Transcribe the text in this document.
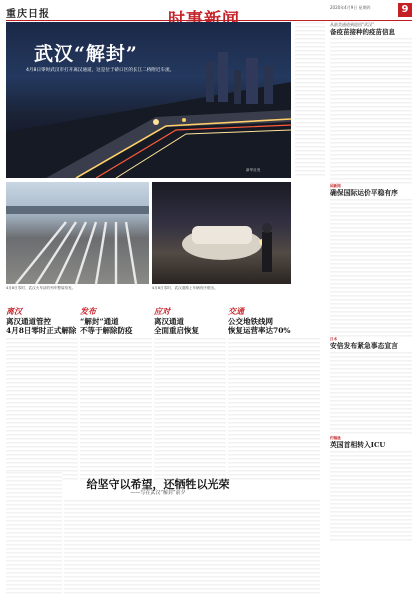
重庆日报
2020年4月9日 星期四	9
武汉“解封”
4月8日零时武汉市打开离汉通道，这是位于硚口区的长江二桥附近车流。
新华社发
从最美通道到迎回“武汉”
备疫苗接种的疫苗信息
国新网
确保国际运价平稳有序
日本
安倍发布紧急事态宣言
约翰逊
英国首相转入ICU
4月8日零时，武汉火车站的列车整装待发。	4月8日零时，武汉道路上车辆有序驶出。
离汉
离汉通道管控
4月8日零时正式解除
发布
“解封”通道
不等于解除防疫
应对
离汉通道
全面重启恢复
交通
公交地铁线网
恢复运营率达70%
给坚守以希望，还牺牲以光荣
——写在武汉“解封”前夕
